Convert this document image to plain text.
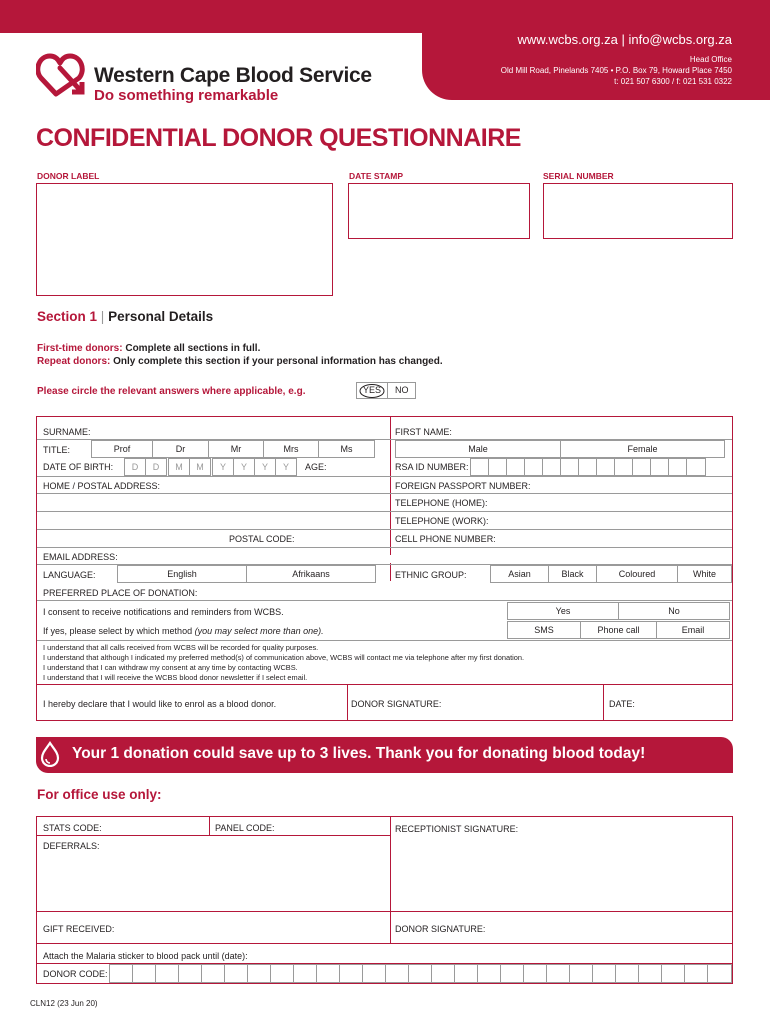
www.wcbs.org.za | info@wcbs.org.za
Head Office
Old Mill Road, Pinelands 7405 • P.O. Box 79, Howard Place 7450
t: 021 507 6300 / f: 021 531 0322
Western Cape Blood Service
Do something remarkable
CONFIDENTIAL DONOR QUESTIONNAIRE
DONOR LABEL	DATE STAMP	SERIAL NUMBER
Section 1 | Personal Details
First-time donors: Complete all sections in full.
Repeat donors: Only complete this section if your personal information has changed.
Please circle the relevant answers where applicable, e.g.	YES NO
SURNAME:	FIRST NAME:
TITLE:	Prof	Dr	Mr	Mrs	Ms	Male	Female
DATE OF BIRTH:	D	D	M	M	Y	Y	Y	Y	AGE:	RSA ID NUMBER:
HOME / POSTAL ADDRESS:	FOREIGN PASSPORT NUMBER:
TELEPHONE (HOME):
TELEPHONE (WORK):
POSTAL CODE:	CELL PHONE NUMBER:
EMAIL ADDRESS:
LANGUAGE:	English	Afrikaans	ETHNIC GROUP:	Asian	Black	Coloured	White
PREFERRED PLACE OF DONATION:
I consent to receive notifications and reminders from WCBS.	Yes	No
If yes, please select by which method (you may select more than one).	SMS	Phone call	Email
I understand that all calls received from WCBS will be recorded for quality purposes.
I understand that although I indicated my preferred method(s) of communication above, WCBS will contact me via telephone after my first donation.
I understand that I can withdraw my consent at any time by contacting WCBS.
I understand that I will receive the WCBS blood donor newsletter if I select email.
I hereby declare that I would like to enrol as a blood donor.	DONOR SIGNATURE:	DATE:
Your 1 donation could save up to 3 lives. Thank you for donating blood today!
For office use only:
STATS CODE:	PANEL CODE:	RECEPTIONIST SIGNATURE:
DEFERRALS:
GIFT RECEIVED:	DONOR SIGNATURE:
Attach the Malaria sticker to blood pack until (date):
DONOR CODE:
CLN12 (23 Jun 20)
